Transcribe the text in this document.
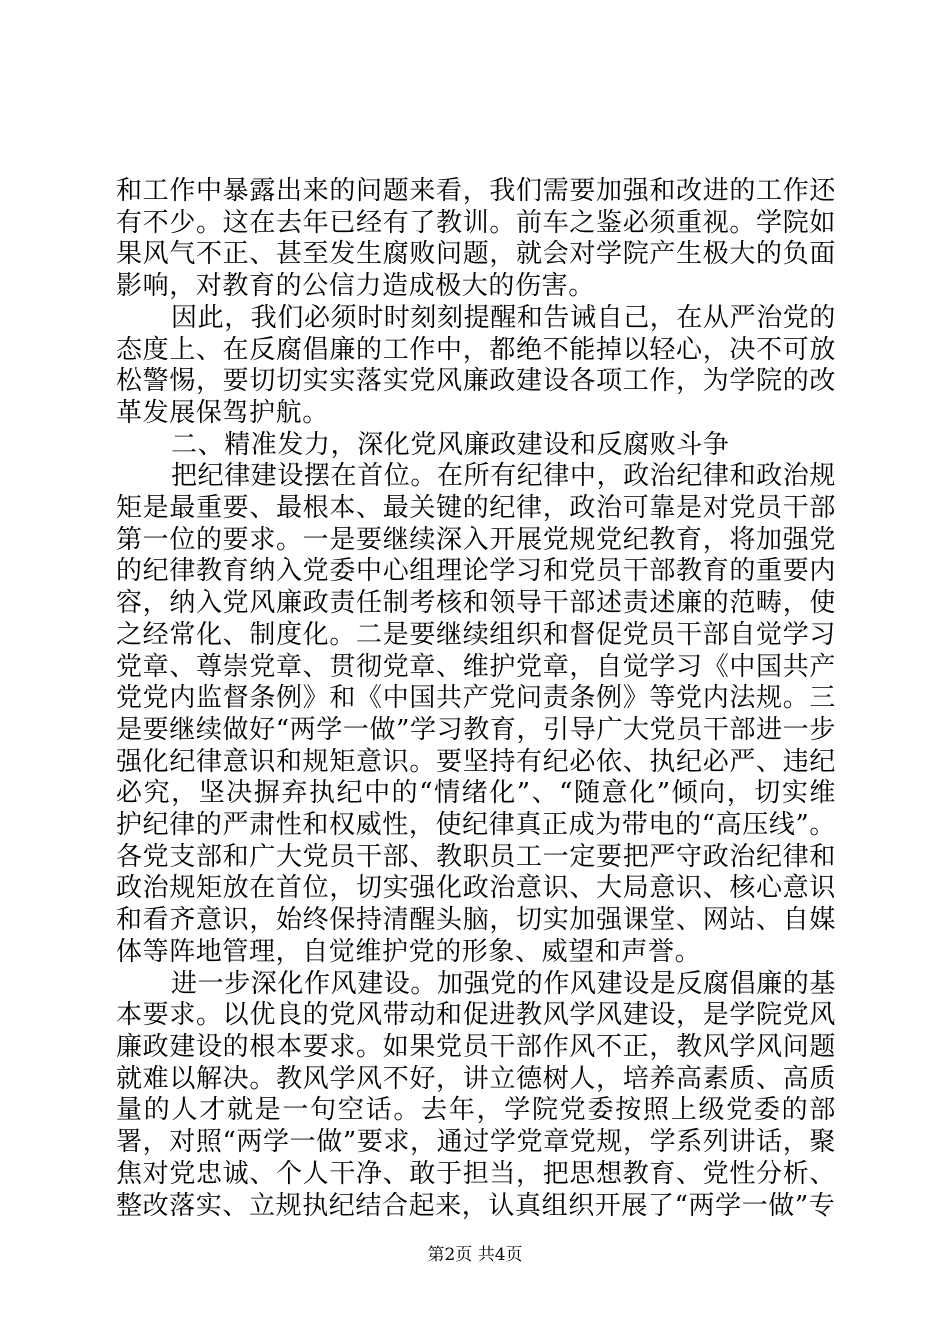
和工作中暴露出来的问题来看，我们需要加强和改进的工作还有不少。这在去年已经有了教训。前车之鉴必须重视。学院如果风气不正、甚至发生腐败问题，就会对学院产生极大的负面影响，对教育的公信力造成极大的伤害。

因此，我们必须时时刻刻提醒和告诫自己，在从严治党的态度上、在反腐倡廉的工作中，都绝不能掉以轻心，决不可放松警惕，要切切实实落实党风廉政建设各项工作，为学院的改革发展保驾护航。

二、精准发力，深化党风廉政建设和反腐败斗争

把纪律建设摆在首位。在所有纪律中，政治纪律和政治规矩是最重要、最根本、最关键的纪律，政治可靠是对党员干部第一位的要求。一是要继续深入开展党规党纪教育，将加强党的纪律教育纳入党委中心组理论学习和党员干部教育的重要内容，纳入党风廉政责任制考核和领导干部述责述廉的范畴，使之经常化、制度化。二是要继续组织和督促党员干部自觉学习党章、尊崇党章、贯彻党章、维护党章，自觉学习《中国共产党党内监督条例》和《中国共产党问责条例》等党内法规。三是要继续做好“两学一做”学习教育，引导广大党员干部进一步强化纪律意识和规矩意识。要坚持有纪必依、执纪必严、违纪必究，坚决摒弃执纪中的“情绪化”、“随意化”倾向，切实维护纪律的严肃性和权威性，使纪律真正成为带电的“高压线”。各党支部和广大党员干部、教职员工一定要把严守政治纪律和政治规矩放在首位，切实强化政治意识、大局意识、核心意识和看齐意识，始终保持清醒头脑，切实加强课堂、网站、自媒体等阵地管理，自觉维护党的形象、威望和声誉。

进一步深化作风建设。加强党的作风建设是反腐倡廉的基本要求。以优良的党风带动和促进教风学风建设，是学院党风廉政建设的根本要求。如果党员干部作风不正，教风学风问题就难以解决。教风学风不好，讲立德树人，培养高素质、高质量的人才就是一句空话。去年，学院党委按照上级党委的部署，对照“两学一做”要求，通过学党章党规，学系列讲话，聚焦对党忠诚、个人干净、敢于担当，把思想教育、党性分析、整改落实、立规执纪结合起来，认真组织开展了“两学一做”专

第2页 共4页
